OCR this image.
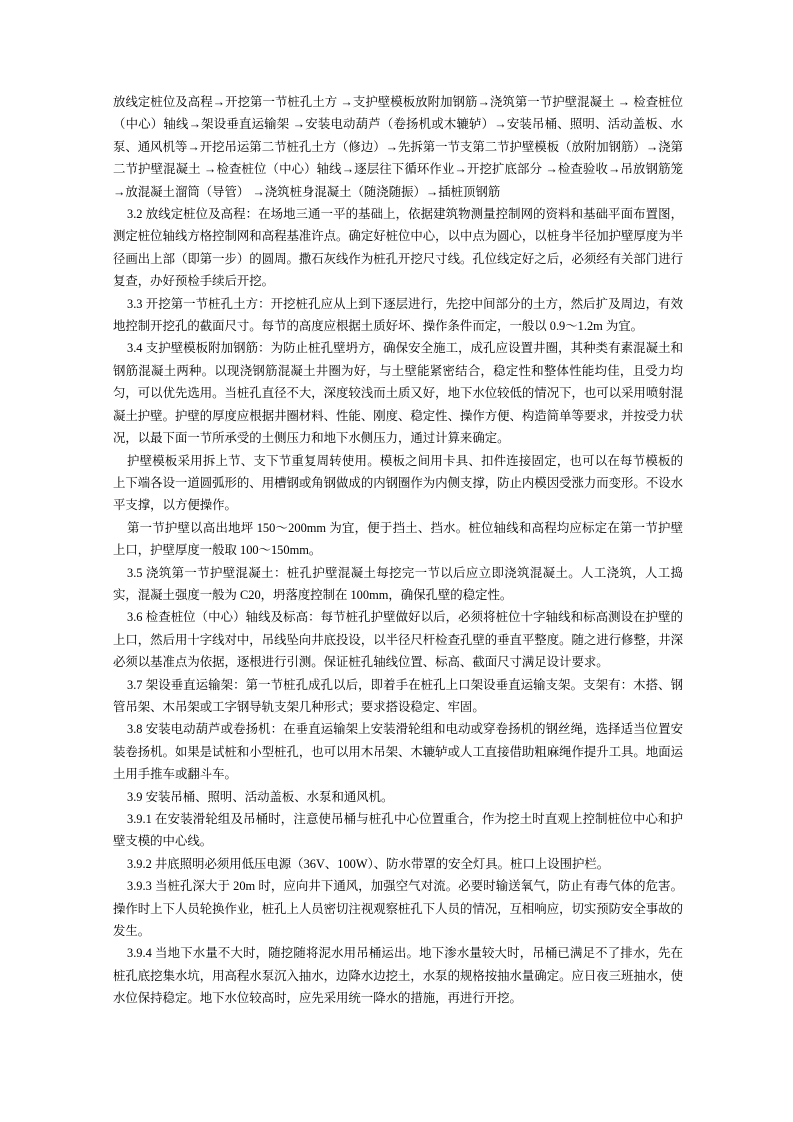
放线定桩位及高程→开挖第一节桩孔土方 →支护壁模板放附加钢筋→浇筑第一节护壁混凝土 → 检查桩位（中心）轴线→架设垂直运输架 →安装电动葫芦（卷扬机或木辘轳）→安装吊桶、照明、活动盖板、水泵、通风机等→开挖吊运第二节桩孔土方（修边）→先拆第一节支第二节护壁模板（放附加钢筋）→浇第二节护壁混凝土 →检查桩位（中心）轴线→逐层往下循环作业→开挖扩底部分 →检查验收→吊放钢筋笼→放混凝土溜筒（导管） →浇筑桩身混凝土（随浇随振）→插桩顶钢筋

3.2 放线定桩位及高程：在场地三通一平的基础上，依据建筑物测量控制网的资料和基础平面布置图，测定桩位轴线方格控制网和高程基准许点。确定好桩位中心，以中点为圆心，以桩身半径加护壁厚度为半径画出上部（即第一步）的圆周。撒石灰线作为桩孔开挖尺寸线。孔位线定好之后，必须经有关部门进行复查，办好预检手续后开挖。

3.3 开挖第一节桩孔土方：开挖桩孔应从上到下逐层进行，先挖中间部分的土方，然后扩及周边，有效地控制开挖孔的截面尺寸。每节的高度应根据土质好坏、操作条件而定，一般以 0.9～1.2m 为宜。

3.4 支护壁模板附加钢筋：为防止桩孔壁坍方，确保安全施工，成孔应设置井圈，其种类有素混凝土和钢筋混凝土两种。以现浇钢筋混凝土井圈为好，与土壁能紧密结合，稳定性和整体性能均佳，且受力均匀，可以优先选用。当桩孔直径不大，深度较浅而土质又好，地下水位较低的情况下，也可以采用喷射混凝土护壁。护壁的厚度应根据井圈材料、性能、刚度、稳定性、操作方便、构造简单等要求，并按受力状况，以最下面一节所承受的土侧压力和地下水侧压力，通过计算来确定。

护壁模板采用拆上节、支下节重复周转使用。模板之间用卡具、扣件连接固定，也可以在每节模板的上下端各设一道圆弧形的、用槽钢或角钢做成的内钢圈作为内侧支撑，防止内模因受涨力而变形。不设水平支撑，以方便操作。

第一节护壁以高出地坪 150～200mm 为宜，便于挡土、挡水。桩位轴线和高程均应标定在第一节护壁上口，护壁厚度一般取 100～150mm。

3.5 浇筑第一节护壁混凝土：桩孔护壁混凝土每挖完一节以后应立即浇筑混凝土。人工浇筑，人工捣实，混凝土强度一般为 C20，坍落度控制在 100mm，确保孔壁的稳定性。

3.6 检查桩位（中心）轴线及标高：每节桩孔护壁做好以后，必须将桩位十字轴线和标高测设在护壁的上口，然后用十字线对中，吊线坠向井底投设，以半径尺杆检查孔壁的垂直平整度。随之进行修整，井深必须以基准点为依据，逐根进行引测。保证桩孔轴线位置、标高、截面尺寸满足设计要求。

3.7 架设垂直运输架：第一节桩孔成孔以后，即着手在桩孔上口架设垂直运输支架。支架有：木搭、钢管吊架、木吊架或工字钢导轨支架几种形式；要求搭设稳定、牢固。

3.8 安装电动葫芦或卷扬机：在垂直运输架上安装滑轮组和电动或穿卷扬机的钢丝绳，选择适当位置安装卷扬机。如果是试桩和小型桩孔，也可以用木吊架、木辘轳或人工直接借助粗麻绳作提升工具。地面运土用手推车或翻斗车。

3.9 安装吊桶、照明、活动盖板、水泵和通风机。

3.9.1 在安装滑轮组及吊桶时，注意使吊桶与桩孔中心位置重合，作为挖土时直观上控制桩位中心和护壁支模的中心线。

3.9.2 井底照明必须用低压电源（36V、100W）、防水带罩的安全灯具。桩口上设围护栏。

3.9.3 当桩孔深大于 20m 时，应向井下通风，加强空气对流。必要时输送氧气，防止有毒气体的危害。操作时上下人员轮换作业，桩孔上人员密切注视观察桩孔下人员的情况，互相响应，切实预防安全事故的发生。

3.9.4 当地下水量不大时，随挖随将泥水用吊桶运出。地下渗水量较大时，吊桶已满足不了排水，先在桩孔底挖集水坑，用高程水泵沉入抽水，边降水边挖土，水泵的规格按抽水量确定。应日夜三班抽水，使水位保持稳定。地下水位较高时，应先采用统一降水的措施，再进行开挖。
